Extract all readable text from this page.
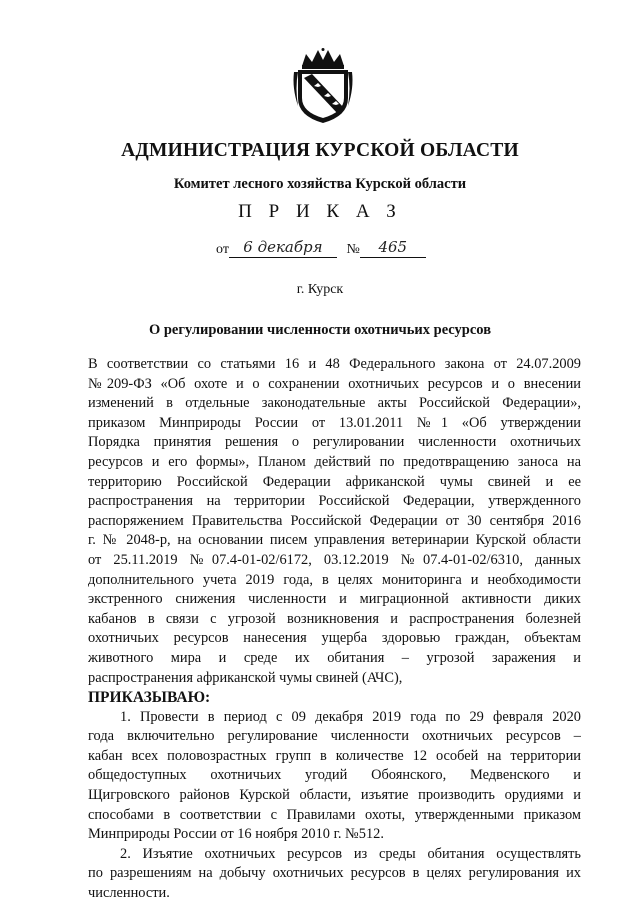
АДМИНИСТРАЦИЯ КУРСКОЙ ОБЛАСТИ
Комитет лесного хозяйства Курской области
П Р И К А З
от 6 декабря № 465
г. Курск
О регулировании численности охотничьих ресурсов
В соответствии со статьями 16 и 48 Федерального закона от 24.07.2009
№209-ФЗ «Об охоте и о сохранении охотничьих ресурсов и о внесении
изменений в отдельные законодательные акты Российской Федерации»,
приказом Минприроды России от 13.01.2011 №1 «Об утверждении
Порядка принятия решения о регулировании численности охотничьих
ресурсов и его формы», Планом действий по предотвращению заноса на
территорию Российской Федерации африканской чумы свиней и ее
распространения на территории Российской Федерации, утвержденного
распоряжением Правительства Российской Федерации от 30 сентября 2016
г. № 2048-р, на основании писем управления ветеринарии Курской области
от 25.11.2019 №07.4-01-02/6172, 03.12.2019 №07.4-01-02/6310, данных
дополнительного учета 2019 года, в целях мониторинга и необходимости
экстренного снижения численности и миграционной активности диких
кабанов в связи с угрозой возникновения и распространения болезней
охотничьих ресурсов нанесения ущерба здоровью граждан, объектам
животного мира и среде их обитания – угрозой заражения и
распространения африканской чумы свиней (АЧС),
ПРИКАЗЫВАЮ:
1. Провести в период с 09 декабря 2019 года по 29 февраля 2020
года включительно регулирование численности охотничьих ресурсов –
кабан всех половозрастных групп в количестве 12 особей на территории
общедоступных охотничьих угодий Обоянского, Медвенского и
Щигровского районов Курской области, изъятие производить орудиями и
способами в соответствии с Правилами охоты, утвержденными приказом
Минприроды России от 16 ноября 2010 г. №512.
2. Изъятие охотничьих ресурсов из среды обитания осуществлять
по разрешениям на добычу охотничьих ресурсов в целях регулирования их
численности.
